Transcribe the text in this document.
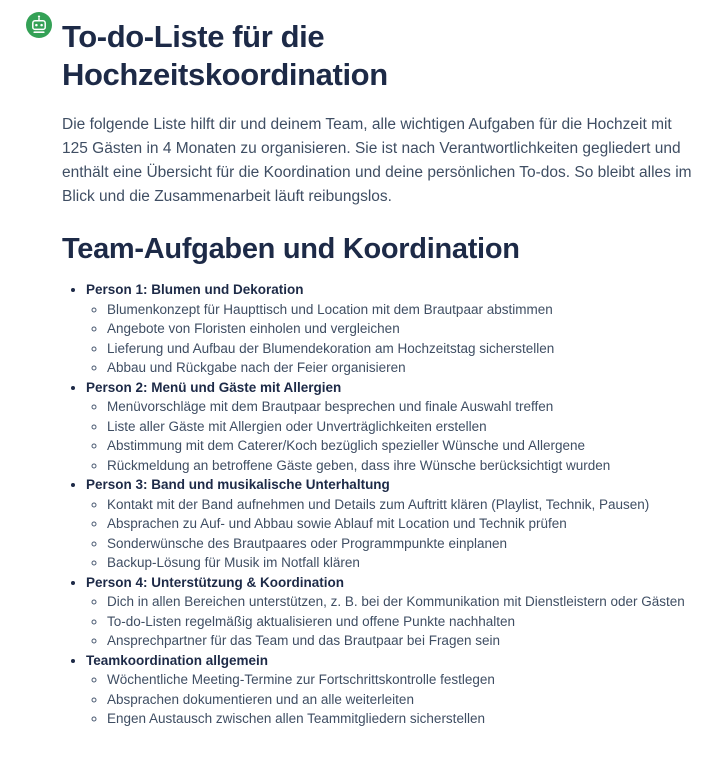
To-do-Liste für die Hochzeitskoordination

Die folgende Liste hilft dir und deinem Team, alle wichtigen Aufgaben für die Hochzeit mit 125 Gästen in 4 Monaten zu organisieren. Sie ist nach Verantwortlichkeiten gegliedert und enthält eine Übersicht für die Koordination und deine persönlichen To-dos. So bleibt alles im Blick und die Zusammenarbeit läuft reibungslos.

Team-Aufgaben und Koordination
• Person 1: Blumen und Dekoration
◦ Blumenkonzept für Haupttisch und Location mit dem Brautpaar abstimmen
◦ Angebote von Floristen einholen und vergleichen
◦ Lieferung und Aufbau der Blumendekoration am Hochzeitstag sicherstellen
◦ Abbau und Rückgabe nach der Feier organisieren
• Person 2: Menü und Gäste mit Allergien
◦ Menüvorschläge mit dem Brautpaar besprechen und finale Auswahl treffen
◦ Liste aller Gäste mit Allergien oder Unverträglichkeiten erstellen
◦ Abstimmung mit dem Caterer/Koch bezüglich spezieller Wünsche und Allergene
◦ Rückmeldung an betroffene Gäste geben, dass ihre Wünsche berücksichtigt wurden
• Person 3: Band und musikalische Unterhaltung
◦ Kontakt mit der Band aufnehmen und Details zum Auftritt klären (Playlist, Technik, Pausen)
◦ Absprachen zu Auf- und Abbau sowie Ablauf mit Location und Technik prüfen
◦ Sonderwünsche des Brautpaares oder Programmpunkte einplanen
◦ Backup-Lösung für Musik im Notfall klären
• Person 4: Unterstützung & Koordination
◦ Dich in allen Bereichen unterstützen, z. B. bei der Kommunikation mit Dienstleistern oder Gästen
◦ To-do-Listen regelmäßig aktualisieren und offene Punkte nachhalten
◦ Ansprechpartner für das Team und das Brautpaar bei Fragen sein
• Teamkoordination allgemein
◦ Wöchentliche Meeting-Termine zur Fortschrittskontrolle festlegen
◦ Absprachen dokumentieren und an alle weiterleiten
◦ Engen Austausch zwischen allen Teammitgliedern sicherstellen
